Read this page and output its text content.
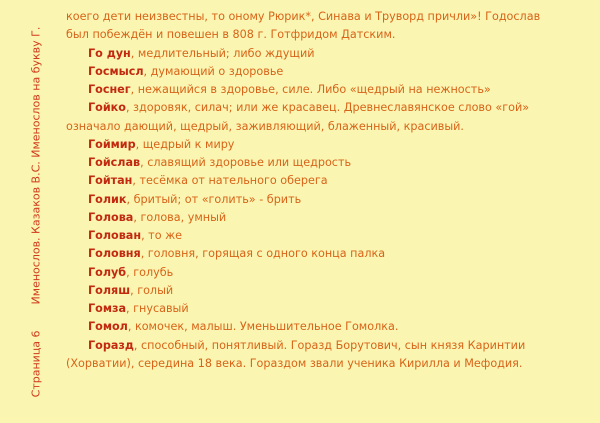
Страница 6Именослов. Казаков В.С. Именослов на букву Г.
коего дети неизвестны, то оному Рюрик*, Синава и Трувoрд причли»! Годослав
был побеждён и повешен в 808 г. Готфридом Датским.
Го дун, медлительный; либо ждущий
Госмысл, думающий о здоровье
Гoснег, нежащийся в здоровье, силе. Либо «щедрый на нежность»
Гойко, здоровяк, силач; или же красавец. Древнеславянское слово «гой»
означало дающий, щедрый, заживляющий, блаженный, красивый.
Гоймир, щедрый к миру
Гойслав, славящий здоровье или щедрость
Гойтан, тесёмка от нательного оберега
Голик, бритый; от «голить» - брить
Голова, голова, умный
Голован, то же
Головня, головня, горящая с одного конца палка
Голуб, голубь
Голяш, голый
Гомза, гнусавый
Гомол, комочек, малыш. Уменьшительное Гомолка.
Горазд, способный, понятливый. Горазд Борутович, сын князя Каринтии
(Хорватии), середина 18 века. Гораздом звали ученика Кирилла и Мефодия.
